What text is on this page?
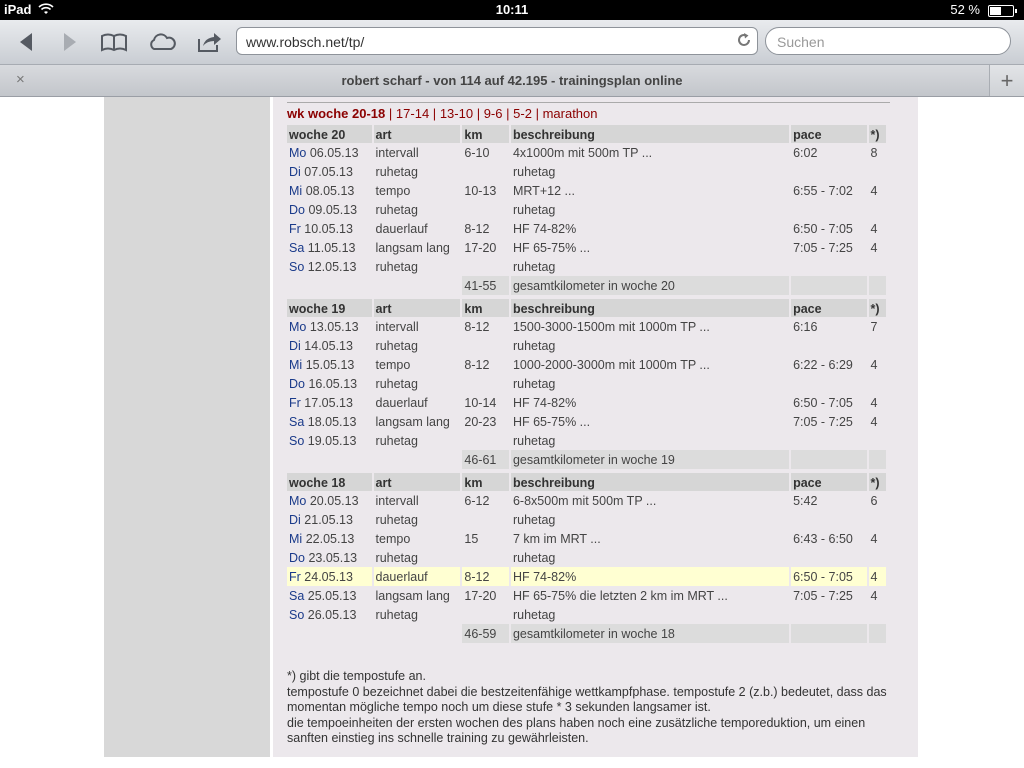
iPad	10:11	52 %
www.robsch.net/tp/	Suchen
×	robert scharf - von 114 auf 42.195 - trainingsplan online	+
wk woche 20-18 | 17-14 | 13-10 | 9-6 | 5-2 | marathon
woche 20	art	km	beschreibung	pace	*)
Mo 06.05.13	intervall	6-10	4x1000m mit 500m TP ...	6:02	8
Di 07.05.13	ruhetag		ruhetag		
Mi 08.05.13	tempo	10-13	MRT+12 ...	6:55 - 7:02	4
Do 09.05.13	ruhetag		ruhetag		
Fr 10.05.13	dauerlauf	8-12	HF 74-82%	6:50 - 7:05	4
Sa 11.05.13	langsam lang	17-20	HF 65-75% ...	7:05 - 7:25	4
So 12.05.13	ruhetag		ruhetag		
		41-55	gesamtkilometer in woche 20		

woche 19	art	km	beschreibung	pace	*)
Mo 13.05.13	intervall	8-12	1500-3000-1500m mit 1000m TP ...	6:16	7
Di 14.05.13	ruhetag		ruhetag		
Mi 15.05.13	tempo	8-12	1000-2000-3000m mit 1000m TP ...	6:22 - 6:29	4
Do 16.05.13	ruhetag		ruhetag		
Fr 17.05.13	dauerlauf	10-14	HF 74-82%	6:50 - 7:05	4
Sa 18.05.13	langsam lang	20-23	HF 65-75% ...	7:05 - 7:25	4
So 19.05.13	ruhetag		ruhetag		
		46-61	gesamtkilometer in woche 19		

woche 18	art	km	beschreibung	pace	*)
Mo 20.05.13	intervall	6-12	6-8x500m mit 500m TP ...	5:42	6
Di 21.05.13	ruhetag		ruhetag		
Mi 22.05.13	tempo	15	7 km im MRT ...	6:43 - 6:50	4
Do 23.05.13	ruhetag		ruhetag		
Fr 24.05.13	dauerlauf	8-12	HF 74-82%	6:50 - 7:05	4
Sa 25.05.13	langsam lang	17-20	HF 65-75% die letzten 2 km im MRT ...	7:05 - 7:25	4
So 26.05.13	ruhetag		ruhetag		
		46-59	gesamtkilometer in woche 18		
*) gibt die tempostufe an.
tempostufe 0 bezeichnet dabei die bestzeitenfähige wettkampfphase. tempostufe 2 (z.b.) bedeutet, dass das momentan mögliche tempo noch um diese stufe * 3 sekunden langsamer ist.
die tempoeinheiten der ersten wochen des plans haben noch eine zusätzliche temporeduktion, um einen sanften einstieg ins schnelle training zu gewährleisten.
